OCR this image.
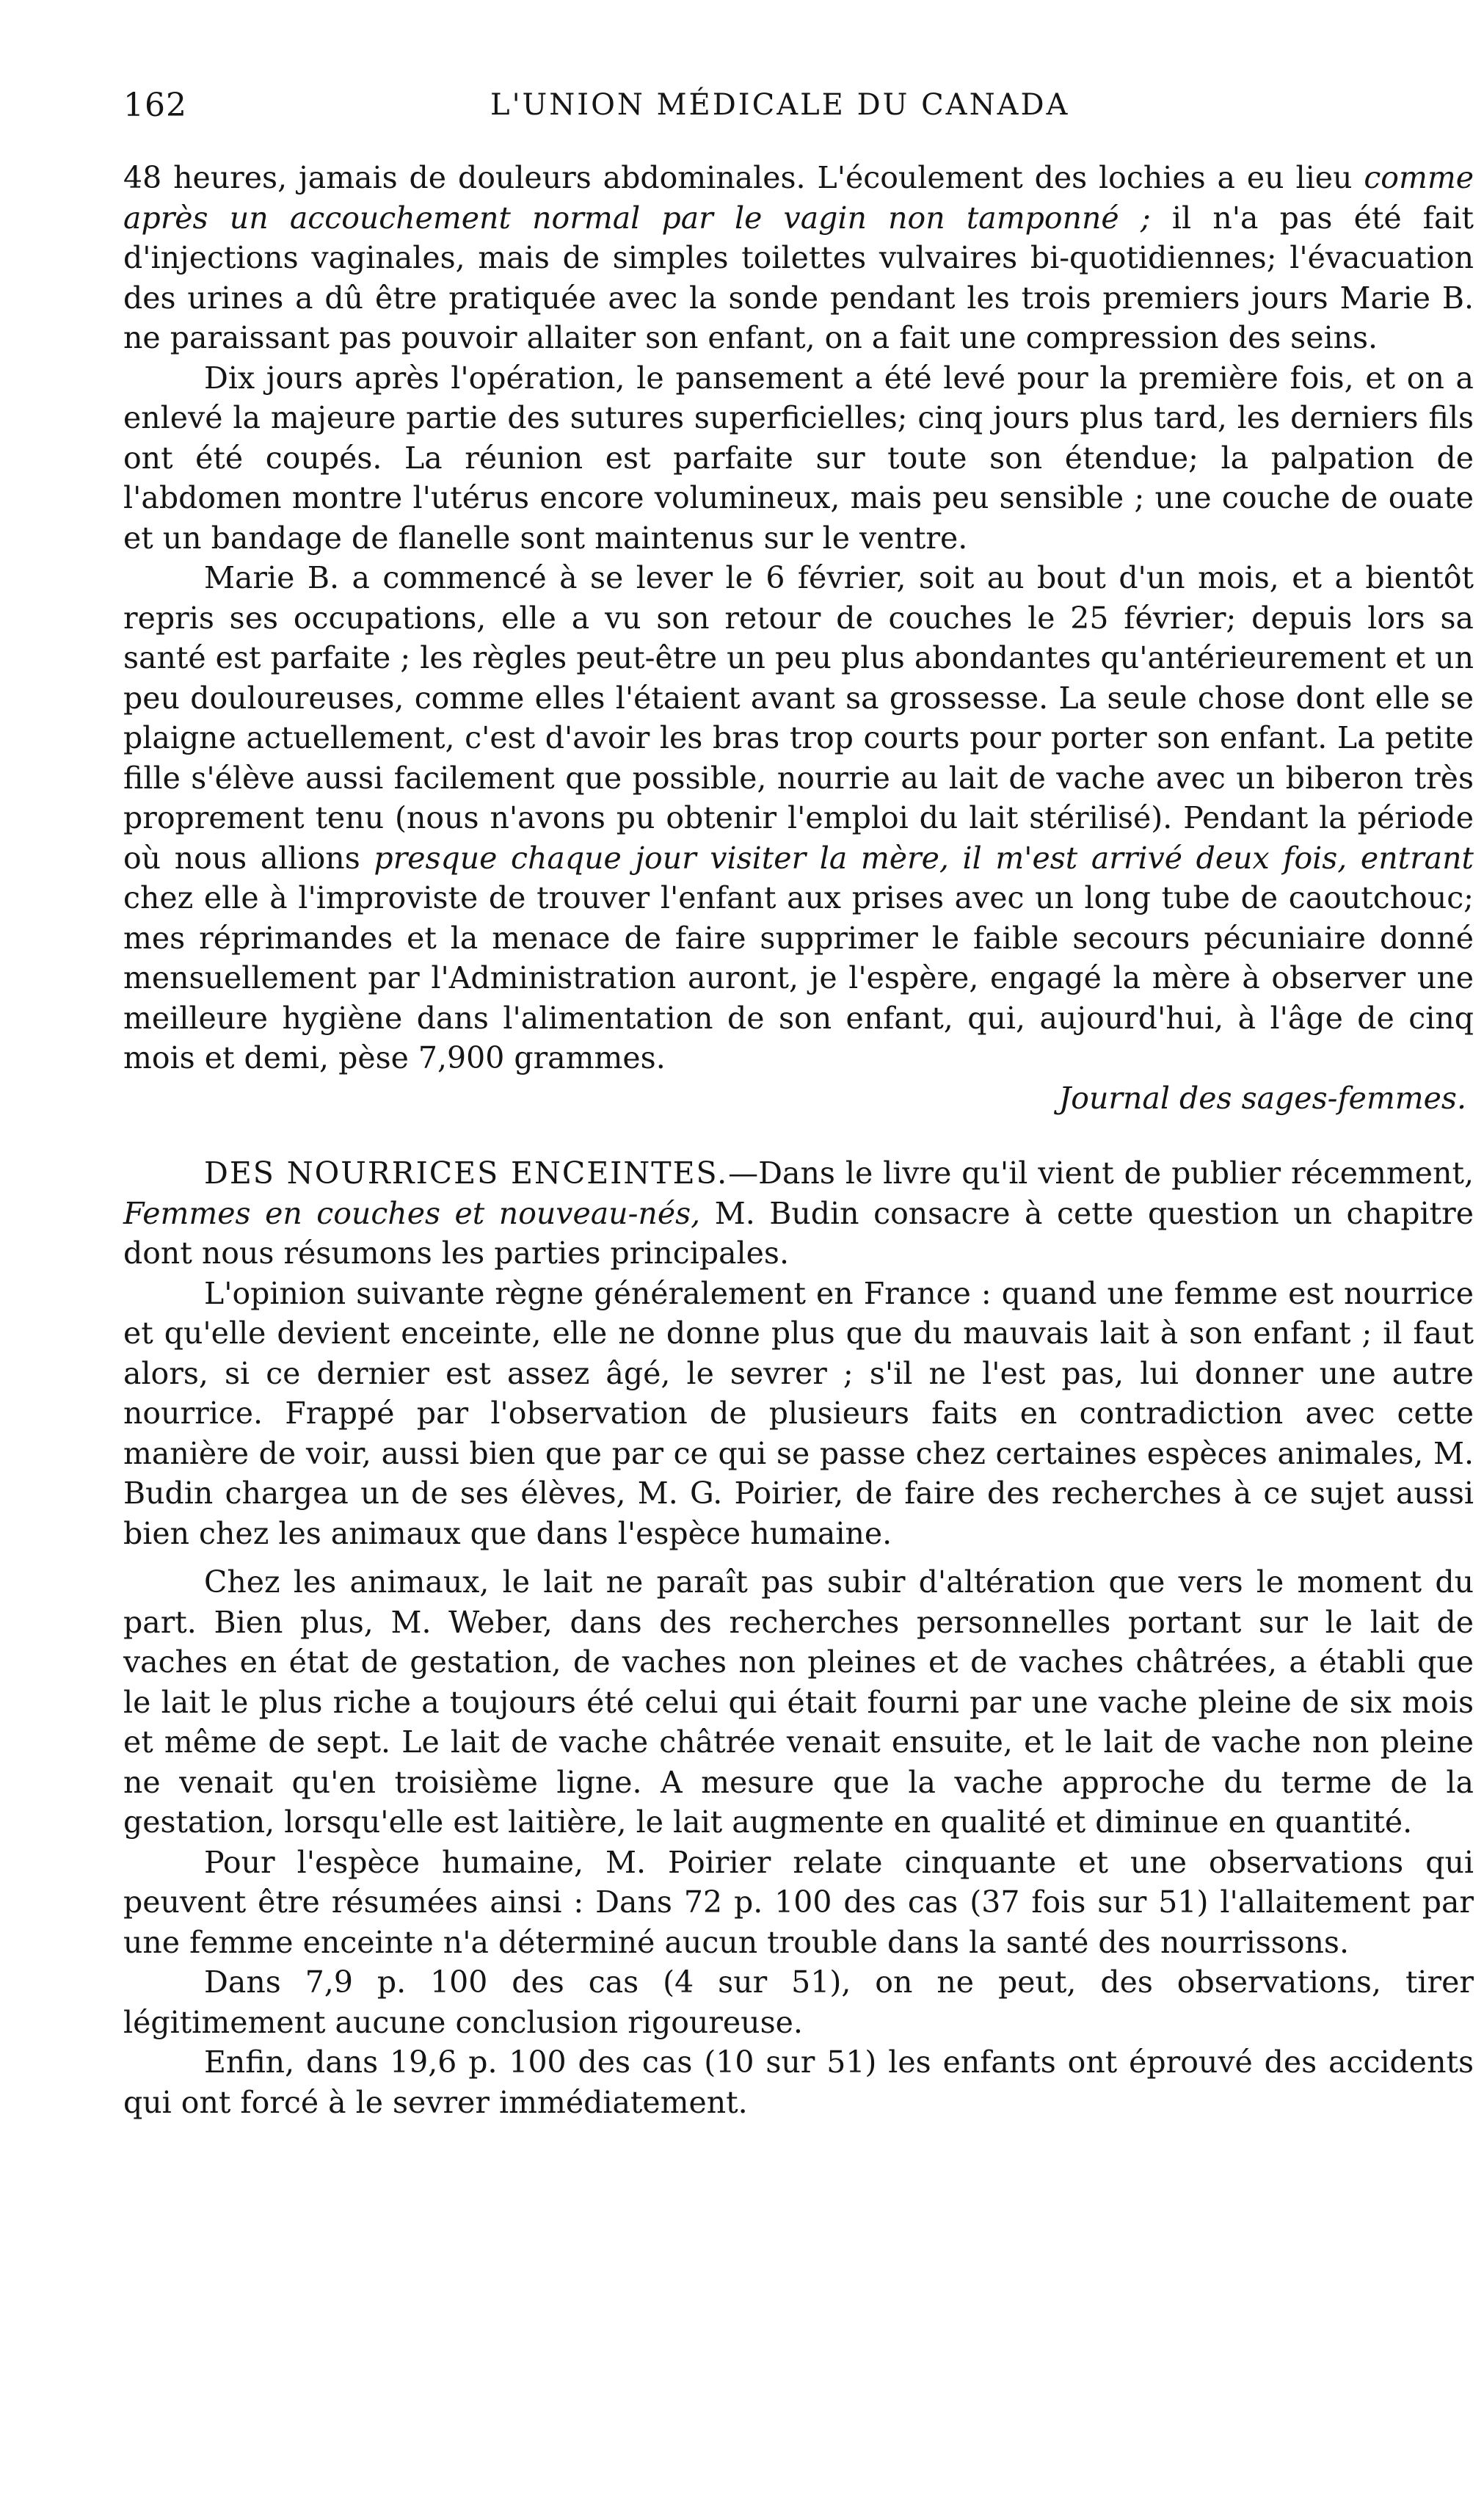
162	L'UNION MÉDICALE DU CANADA

48 heures, jamais de douleurs abdominales. L'écoulement des lochies a eu lieu comme après un accouchement normal par le vagin non tamponné ; il n'a pas été fait d'injections vaginales, mais de simples toilettes vulvaires bi-quotidiennes; l'évacuation des urines a dû être pratiquée avec la sonde pendant les trois premiers jours Marie B. ne paraissant pas pouvoir allaiter son enfant, on a fait une compression des seins.

Dix jours après l'opération, le pansement a été levé pour la première fois, et on a enlevé la majeure partie des sutures superficielles; cinq jours plus tard, les derniers fils ont été coupés. La réunion est parfaite sur toute son étendue; la palpation de l'abdomen montre l'utérus encore volumineux, mais peu sensible ; une couche de ouate et un bandage de flanelle sont maintenus sur le ventre.

Marie B. a commencé à se lever le 6 février, soit au bout d'un mois, et a bientôt repris ses occupations, elle a vu son retour de couches le 25 février; depuis lors sa santé est parfaite ; les règles peut-être un peu plus abondantes qu'antérieurement et un peu douloureuses, comme elles l'étaient avant sa grossesse. La seule chose dont elle se plaigne actuellement, c'est d'avoir les bras trop courts pour porter son enfant. La petite fille s'élève aussi facilement que possible, nourrie au lait de vache avec un biberon très proprement tenu (nous n'avons pu obtenir l'emploi du lait stérilisé). Pendant la période où nous allions presque chaque jour visiter la mère, il m'est arrivé deux fois, entrant chez elle à l'improviste de trouver l'enfant aux prises avec un long tube de caoutchouc; mes réprimandes et la menace de faire supprimer le faible secours pécuniaire donné mensuellement par l'Administration auront, je l'espère, engagé la mère à observer une meilleure hygiène dans l'alimentation de son enfant, qui, aujourd'hui, à l'âge de cinq mois et demi, pèse 7,900 grammes.

Journal des sages-femmes.

DES NOURRICES ENCEINTES.—Dans le livre qu'il vient de publier récemment, Femmes en couches et nouveau-nés, M. Budin consacre à cette question un chapitre dont nous résumons les parties principales.

L'opinion suivante règne généralement en France : quand une femme est nourrice et qu'elle devient enceinte, elle ne donne plus que du mauvais lait à son enfant ; il faut alors, si ce dernier est assez âgé, le sevrer ; s'il ne l'est pas, lui donner une autre nourrice. Frappé par l'observation de plusieurs faits en contradiction avec cette manière de voir, aussi bien que par ce qui se passe chez certaines espèces animales, M. Budin chargea un de ses élèves, M. G. Poirier, de faire des recherches à ce sujet aussi bien chez les animaux que dans l'espèce humaine.

Chez les animaux, le lait ne paraît pas subir d'altération que vers le moment du part. Bien plus, M. Weber, dans des recherches personnelles portant sur le lait de vaches en état de gestation, de vaches non pleines et de vaches châtrées, a établi que le lait le plus riche a toujours été celui qui était fourni par une vache pleine de six mois et même de sept. Le lait de vache châtrée venait ensuite, et le lait de vache non pleine ne venait qu'en troisième ligne. A mesure que la vache approche du terme de la gestation, lorsqu'elle est laitière, le lait augmente en qualité et diminue en quantité.

Pour l'espèce humaine, M. Poirier relate cinquante et une observations qui peuvent être résumées ainsi : Dans 72 p. 100 des cas (37 fois sur 51) l'allaitement par une femme enceinte n'a déterminé aucun trouble dans la santé des nourrissons.

Dans 7,9 p. 100 des cas (4 sur 51), on ne peut, des observations, tirer légitimement aucune conclusion rigoureuse.

Enfin, dans 19,6 p. 100 des cas (10 sur 51) les enfants ont éprouvé des accidents qui ont forcé à le sevrer immédiatement.
